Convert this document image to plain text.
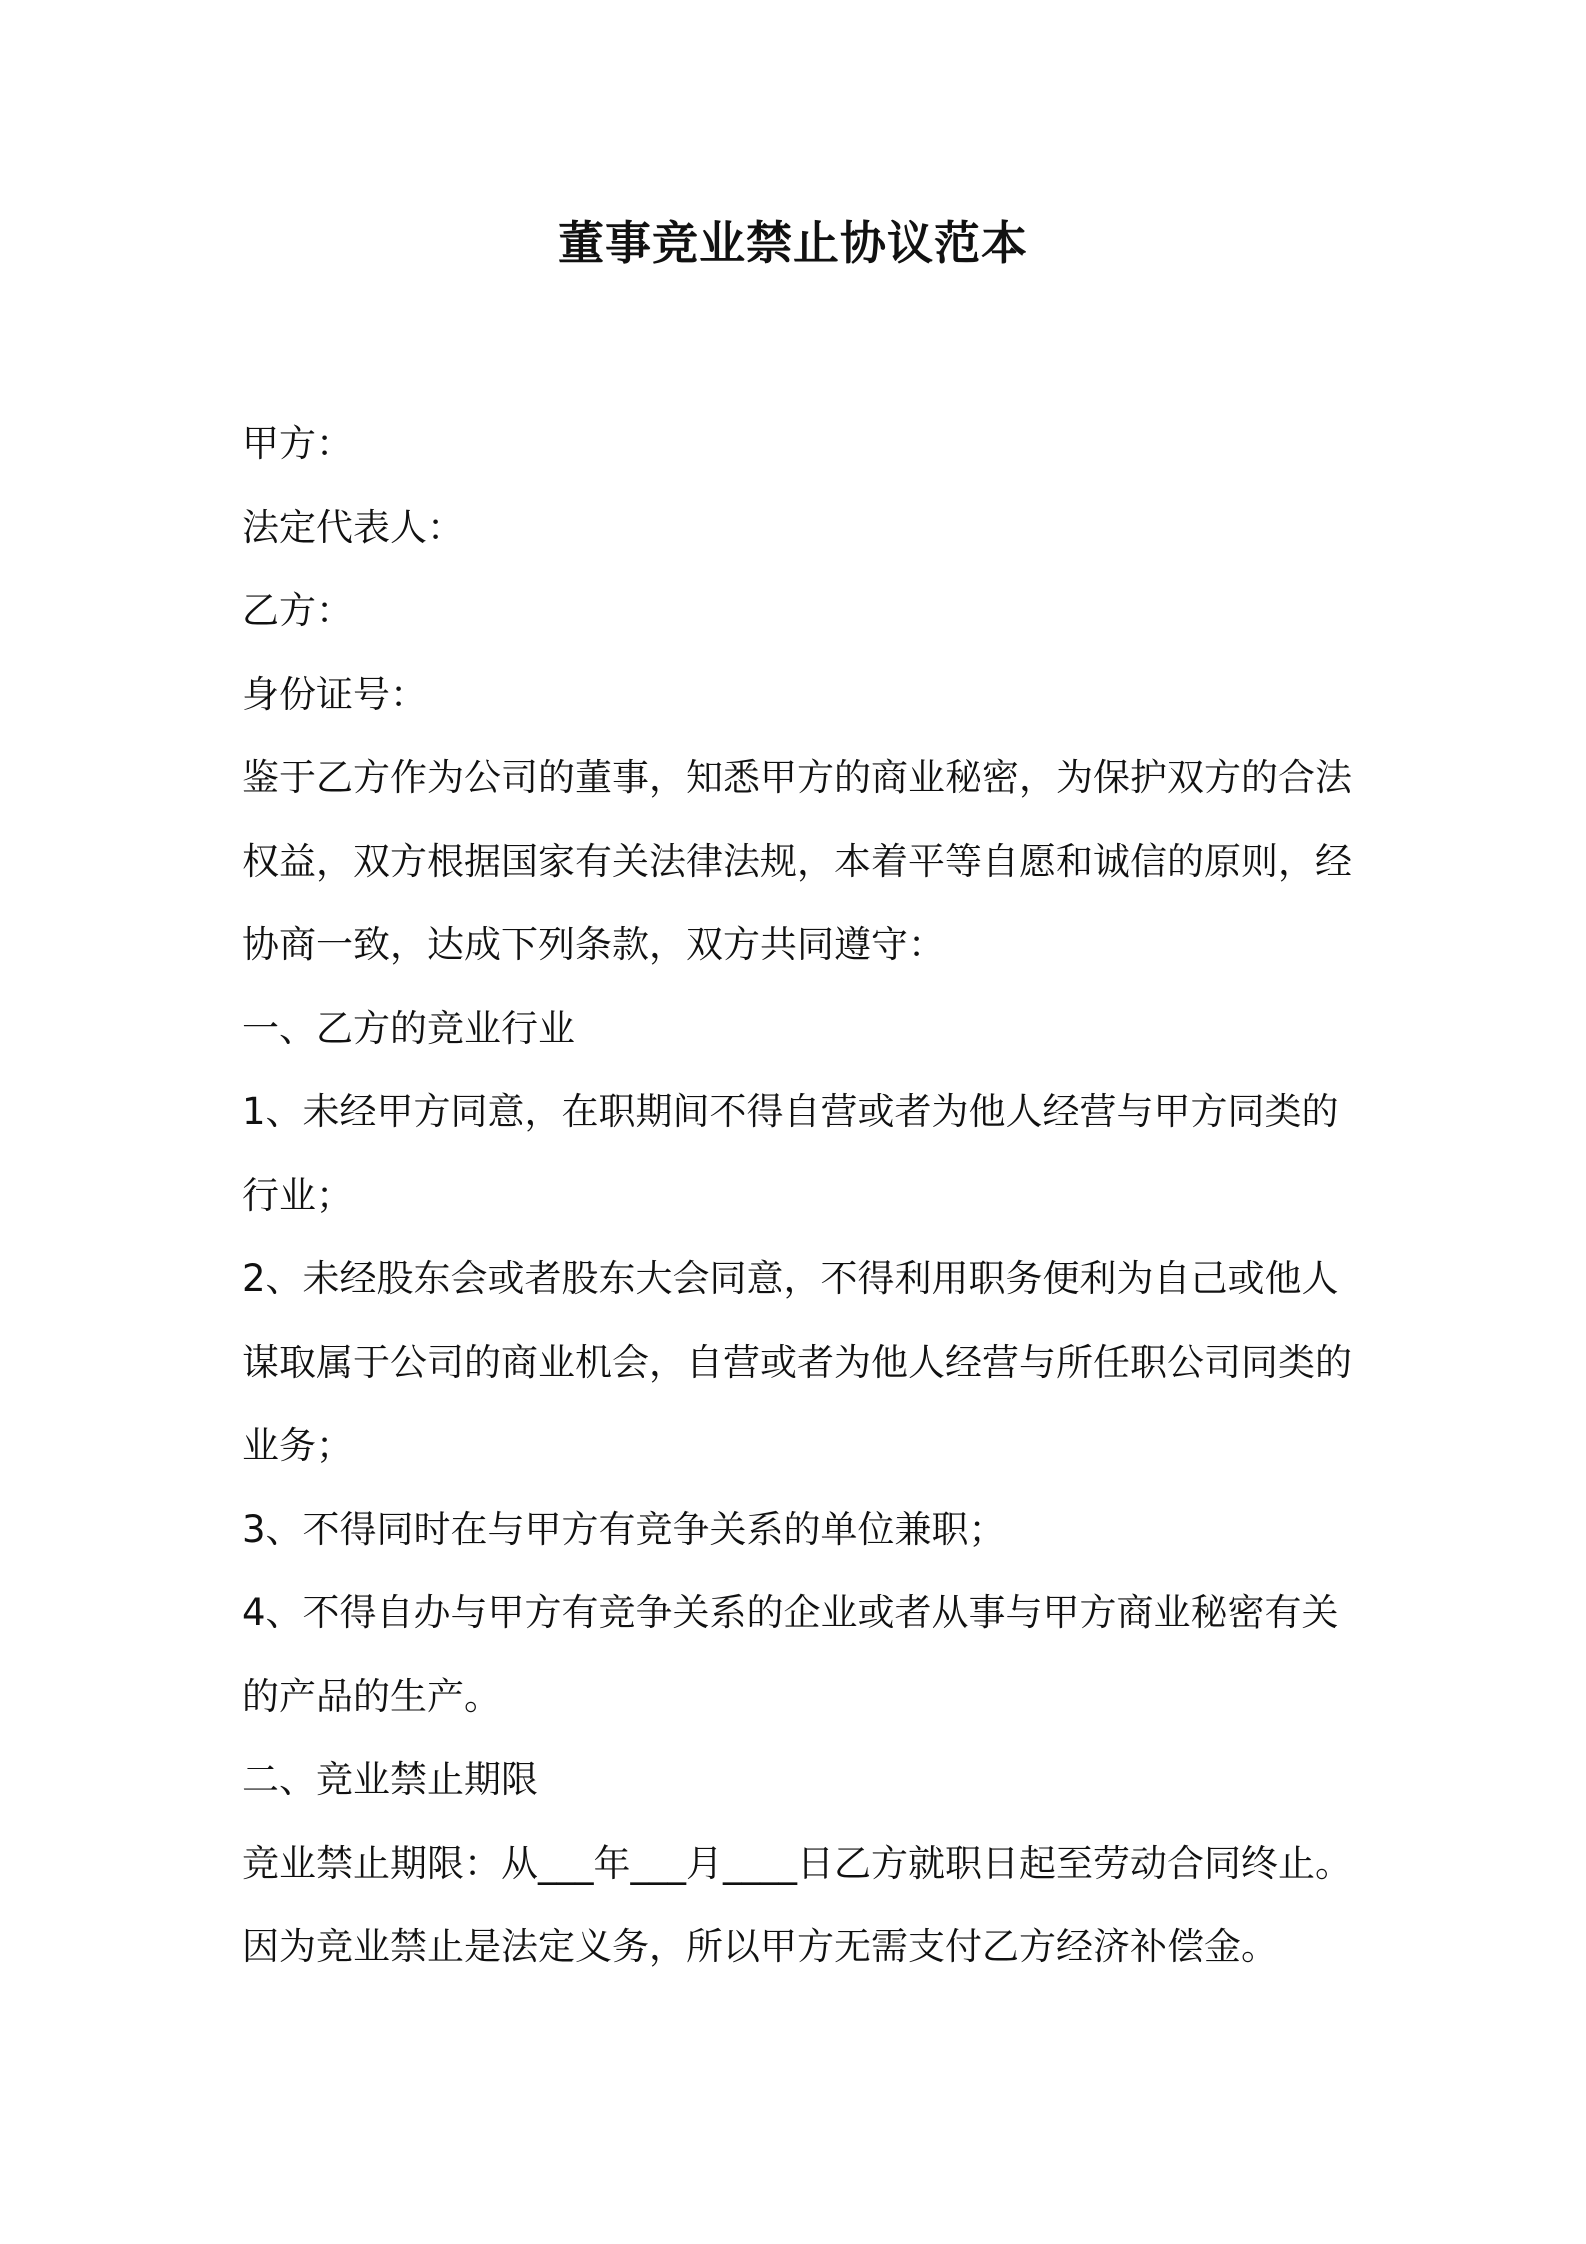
董事竞业禁止协议范本
甲方：
法定代表人：
乙方：
身份证号：
鉴于乙方作为公司的董事，知悉甲方的商业秘密，为保护双方的合法
权益，双方根据国家有关法律法规，本着平等自愿和诚信的原则，经
协商一致，达成下列条款，双方共同遵守：
一、乙方的竞业行业
1、未经甲方同意，在职期间不得自营或者为他人经营与甲方同类的
行业；
2、未经股东会或者股东大会同意，不得利用职务便利为自己或他人
谋取属于公司的商业机会，自营或者为他人经营与所任职公司同类的
业务；
3、不得同时在与甲方有竞争关系的单位兼职；
4、不得自办与甲方有竞争关系的企业或者从事与甲方商业秘密有关
的产品的生产。
二、竞业禁止期限
竞业禁止期限：从___年___月____日乙方就职日起至劳动合同终止。
因为竞业禁止是法定义务，所以甲方无需支付乙方经济补偿金。
